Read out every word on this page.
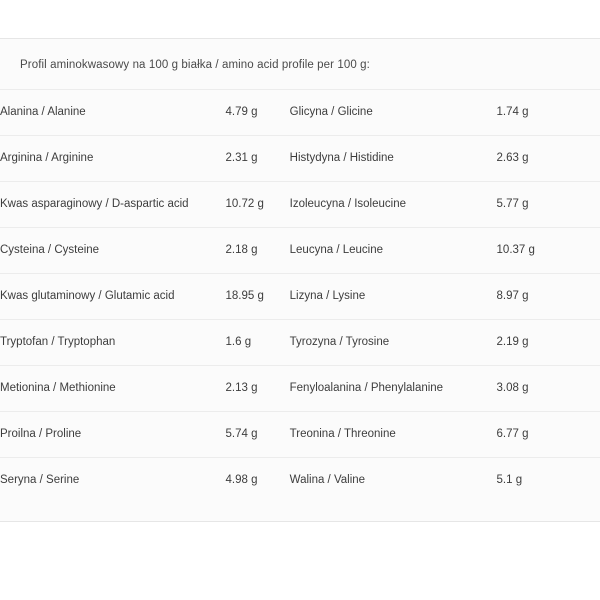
Profil aminokwasowy na 100 g białka / amino acid profile per 100 g:
Alanina / Alanine	4.79 g	Glicyna / Glicine	1.74 g
Arginina / Arginine	2.31 g	Histydyna / Histidine	2.63 g
Kwas asparaginowy / D-aspartic acid	10.72 g	Izoleucyna / Isoleucine	5.77 g
Cysteina / Cysteine	2.18 g	Leucyna / Leucine	10.37 g
Kwas glutaminowy / Glutamic acid	18.95 g	Lizyna / Lysine	8.97 g
Tryptofan / Tryptophan	1.6 g	Tyrozyna / Tyrosine	2.19 g
Metionina / Methionine	2.13 g	Fenyloalanina / Phenylalanine	3.08 g
Proilna / Proline	5.74 g	Treonina / Threonine	6.77 g
Seryna / Serine	4.98 g	Walina / Valine	5.1 g
